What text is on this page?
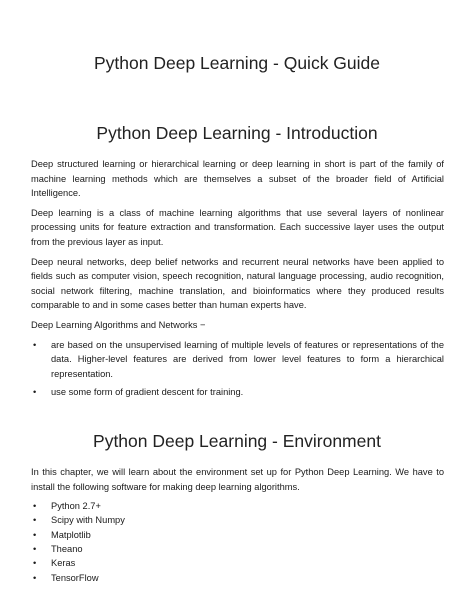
Python Deep Learning - Quick Guide
Python Deep Learning - Introduction

Deep structured learning or hierarchical learning or deep learning in short is part of the family of machine learning methods which are themselves a subset of the broader field of Artificial Intelligence.

Deep learning is a class of machine learning algorithms that use several layers of nonlinear processing units for feature extraction and transformation. Each successive layer uses the output from the previous layer as input.

Deep neural networks, deep belief networks and recurrent neural networks have been applied to fields such as computer vision, speech recognition, natural language processing, audio recognition, social network filtering, machine translation, and bioinformatics where they produced results comparable to and in some cases better than human experts have.

Deep Learning Algorithms and Networks −

• are based on the unsupervised learning of multiple levels of features or representations of the data. Higher-level features are derived from lower level features to form a hierarchical representation.
• use some form of gradient descent for training.
Python Deep Learning - Environment

In this chapter, we will learn about the environment set up for Python Deep Learning. We have to install the following software for making deep learning algorithms.

• Python 2.7+
• Scipy with Numpy
• Matplotlib
• Theano
• Keras
• TensorFlow
